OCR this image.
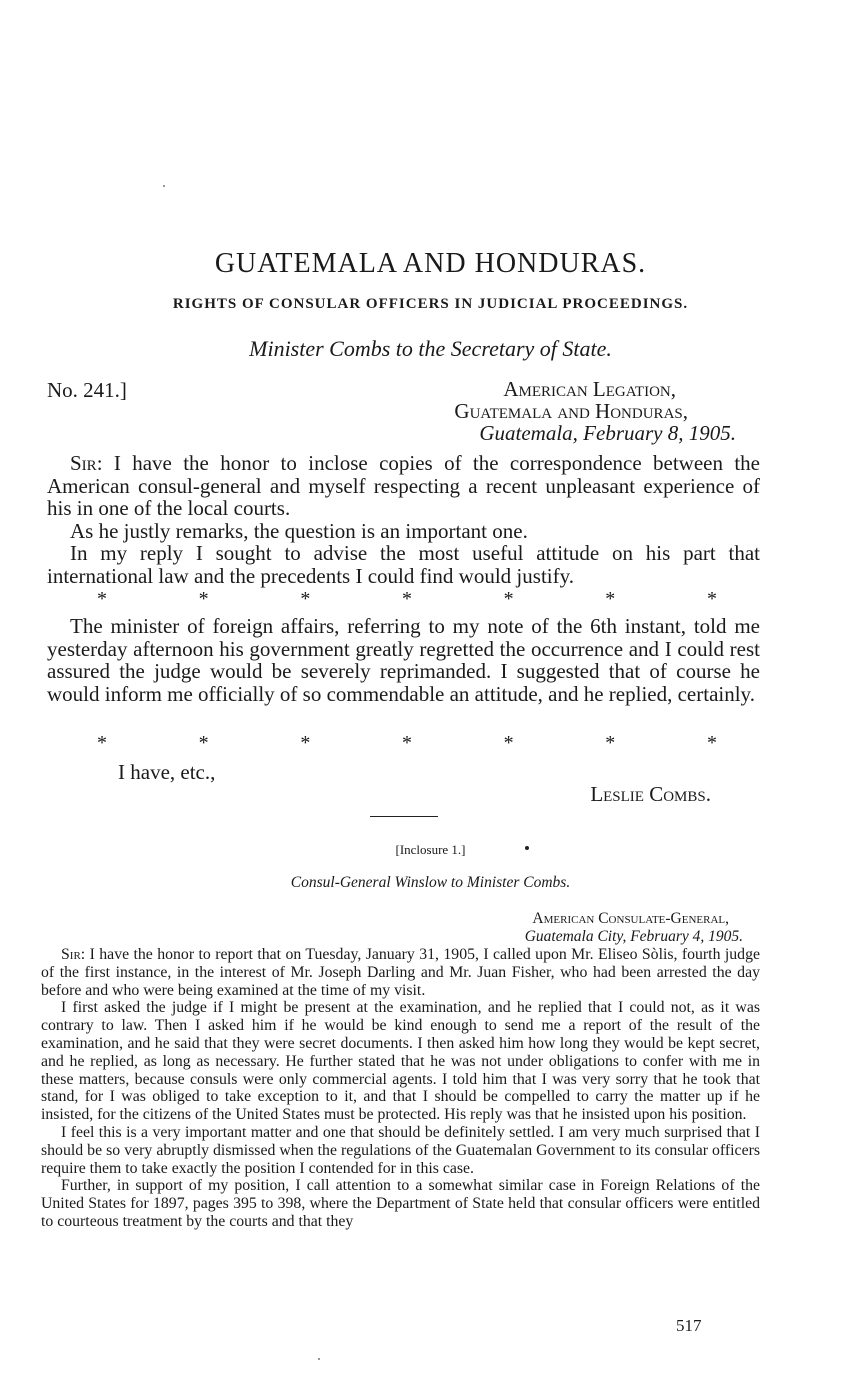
GUATEMALA AND HONDURAS.
RIGHTS OF CONSULAR OFFICERS IN JUDICIAL PROCEEDINGS.
Minister Combs to the Secretary of State.
No. 241.]	American Legation,
Guatemala and Honduras,
Guatemala, February 8, 1905.

Sir: I have the honor to inclose copies of the correspondence between the American consul-general and myself respecting a recent unpleasant experience of his in one of the local courts.

As he justly remarks, the question is an important one.

In my reply I sought to advise the most useful attitude on his part that international law and the precedents I could find would justify.

*	*	*	*	*	*	*

The minister of foreign affairs, referring to my note of the 6th instant, told me yesterday afternoon his government greatly regretted the occurrence and I could rest assured the judge would be severely reprimanded. I suggested that of course he would inform me officially of so commendable an attitude, and he replied, certainly.

*	*	*	*	*	*	*
I have, etc.,
Leslie Combs.
[Inclosure 1.]
Consul-General Winslow to Minister Combs.
American Consulate-General,
Guatemala City, February 4, 1905.

Sir: I have the honor to report that on Tuesday, January 31, 1905, I called upon Mr. Eliseo Sòlis, fourth judge of the first instance, in the interest of Mr. Joseph Darling and Mr. Juan Fisher, who had been arrested the day before and who were being examined at the time of my visit.

I first asked the judge if I might be present at the examination, and he replied that I could not, as it was contrary to law. Then I asked him if he would be kind enough to send me a report of the result of the examination, and he said that they were secret documents. I then asked him how long they would be kept secret, and he replied, as long as necessary. He further stated that he was not under obligations to confer with me in these matters, because consuls were only commercial agents. I told him that I was very sorry that he took that stand, for I was obliged to take exception to it, and that I should be compelled to carry the matter up if he insisted, for the citizens of the United States must be protected. His reply was that he insisted upon his position.

I feel this is a very important matter and one that should be definitely settled. I am very much surprised that I should be so very abruptly dismissed when the regulations of the Guatemalan Government to its consular officers require them to take exactly the position I contended for in this case.

Further, in support of my position, I call attention to a somewhat similar case in Foreign Relations of the United States for 1897, pages 395 to 398, where the Department of State held that consular officers were entitled to courteous treatment by the courts and that they

517
